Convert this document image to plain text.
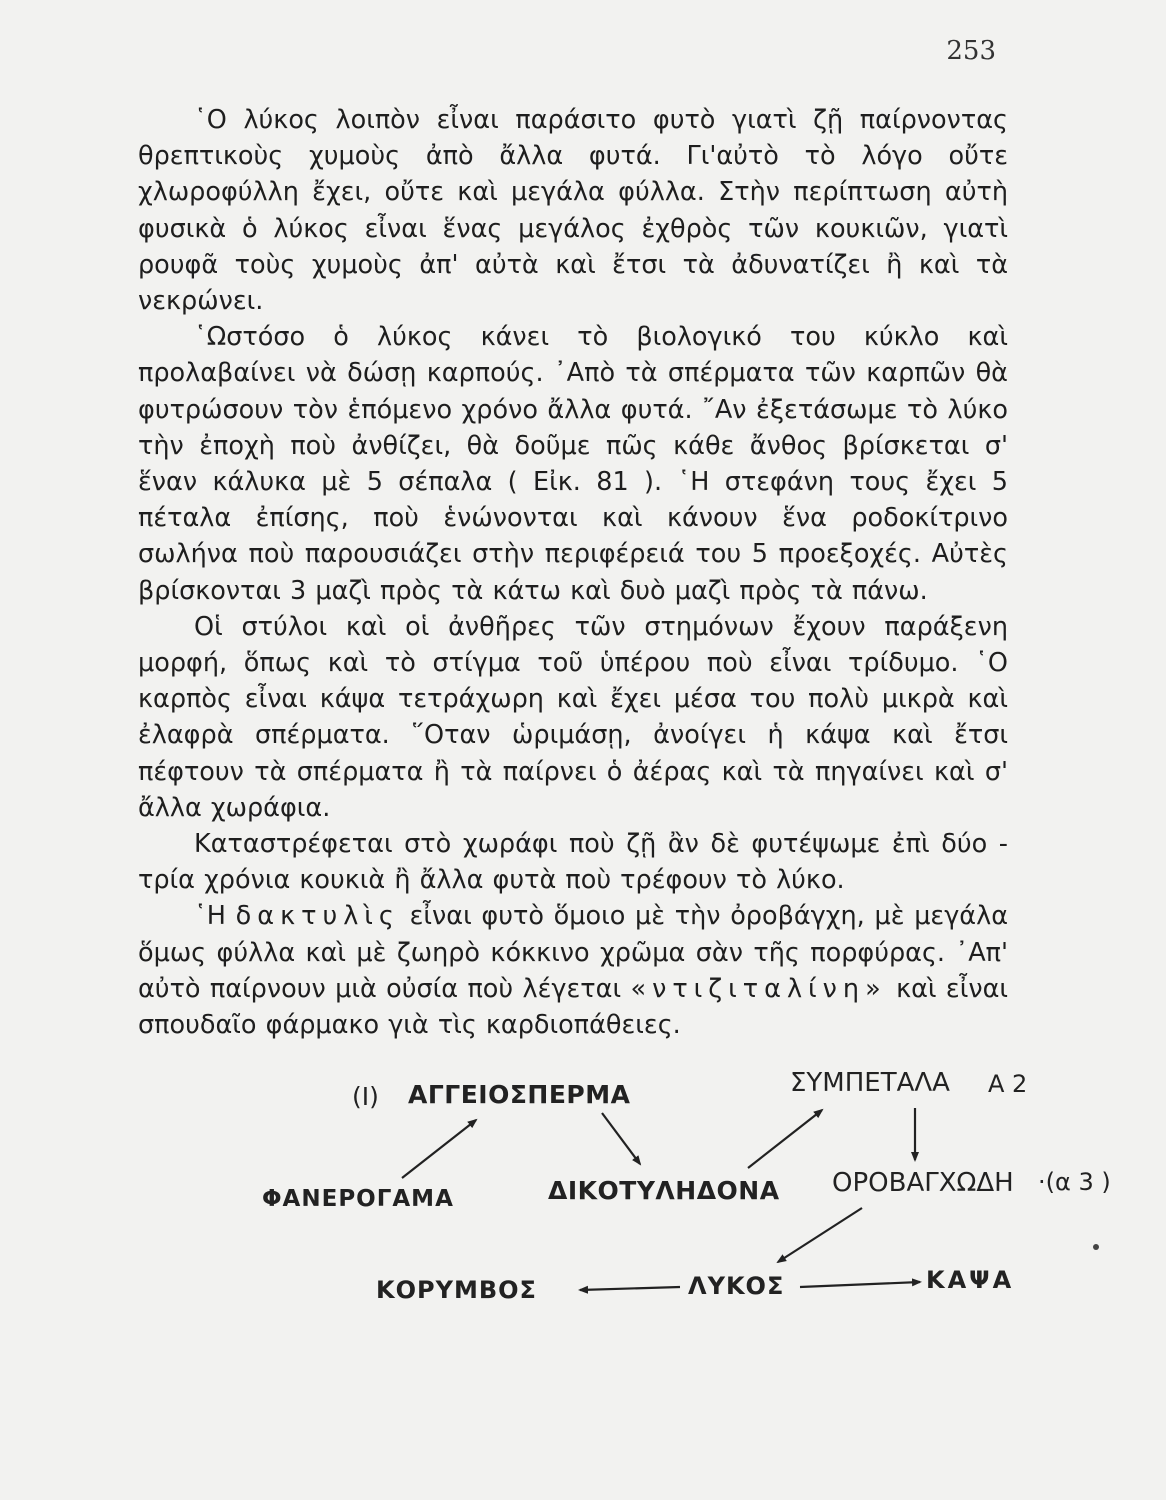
253

῾Ο λύκος λοιπὸν εἶναι παράσιτο φυτὸ γιατὶ ζῇ παίρνοντας θρεπτικοὺς χυμοὺς ἀπὸ ἄλλα φυτά. Γι'αὐτὸ τὸ λόγο οὔτε χλωροφύλλη ἔχει, οὔτε καὶ μεγάλα φύλλα. Στὴν περίπτωση αὐτὴ φυσικὰ ὁ λύκος εἶναι ἕνας μεγάλος ἐχθρὸς τῶν κουκιῶν, γιατὶ ρουφᾶ τοὺς χυμοὺς ἀπ' αὐτὰ καὶ ἔτσι τὰ ἀδυνατίζει ἢ καὶ τὰ νεκρώνει.

῾Ωστόσο ὁ λύκος κάνει τὸ βιολογικό του κύκλο καὶ προλαβαίνει νὰ δώσῃ καρπούς. ᾿Απὸ τὰ σπέρματα τῶν καρπῶν θὰ φυτρώσουν τὸν ἑπόμενο χρόνο ἄλλα φυτά. ῎Αν ἐξετάσωμε τὸ λύκο τὴν ἐποχὴ ποὺ ἀνθίζει, θὰ δοῦμε πῶς κάθε ἄνθος βρίσκεται σ' ἕναν κάλυκα μὲ 5 σέπαλα ( Εἰκ. 81 ). ῾Η στεφάνη τους ἔχει 5 πέταλα ἐπίσης, ποὺ ἑνώνονται καὶ κάνουν ἕνα ροδοκίτρινο σωλήνα ποὺ παρουσιάζει στὴν περιφέρειά του 5 προεξοχές. Αὐτὲς βρίσκονται 3 μαζὶ πρὸς τὰ κάτω καὶ δυὸ μαζὶ πρὸς τὰ πάνω.

Οἱ στύλοι καὶ οἱ ἀνθῆρες τῶν στημόνων ἔχουν παράξενη μορφή, ὅπως καὶ τὸ στίγμα τοῦ ὑπέρου ποὺ εἶναι τρίδυμο. ῾Ο καρπὸς εἶναι κάψα τετράχωρη καὶ ἔχει μέσα του πολὺ μικρὰ καὶ ἐλαφρὰ σπέρματα. ῞Οταν ὡριμάσῃ, ἀνοίγει ἡ κάψα καὶ ἔτσι πέφτουν τὰ σπέρματα ἢ τὰ παίρνει ὁ ἀέρας καὶ τὰ πηγαίνει καὶ σ' ἄλλα χωράφια.

Καταστρέφεται στὸ χωράφι ποὺ ζῇ ἂν δὲ φυτέψωμε ἐπὶ δύο - τρία χρόνια κουκιὰ ἢ ἄλλα φυτὰ ποὺ τρέφουν τὸ λύκο.

῾Η δακτυλὶς εἶναι φυτὸ ὅμοιο μὲ τὴν ὀροβάγχη, μὲ μεγάλα ὅμως φύλλα καὶ μὲ ζωηρὸ κόκκινο χρῶμα σὰν τῆς πορφύρας. ᾿Απ' αὐτὸ παίρνουν μιὰ οὐσία ποὺ λέγεται «ντιζιταλίνη» καὶ εἶναι σπουδαῖο φάρμακο γιὰ τὶς καρδιοπάθειες.

(I) ΑΓΓΕΙΟΣΠΕΡΜΑ
ΦΑΝΕΡΟΓΑΜΑ	ΔΙΚΟΤΥΛΗΔΟΝΑ
ΣΥΜΠΕΤΑΛΑ Α 2
ΟΡΟΒΑΓΧΩΔΗ ·(α 3 )
ΚΟΡΥΜΒΟΣ	ΛΥΚΟΣ	ΚΑΨΑ
